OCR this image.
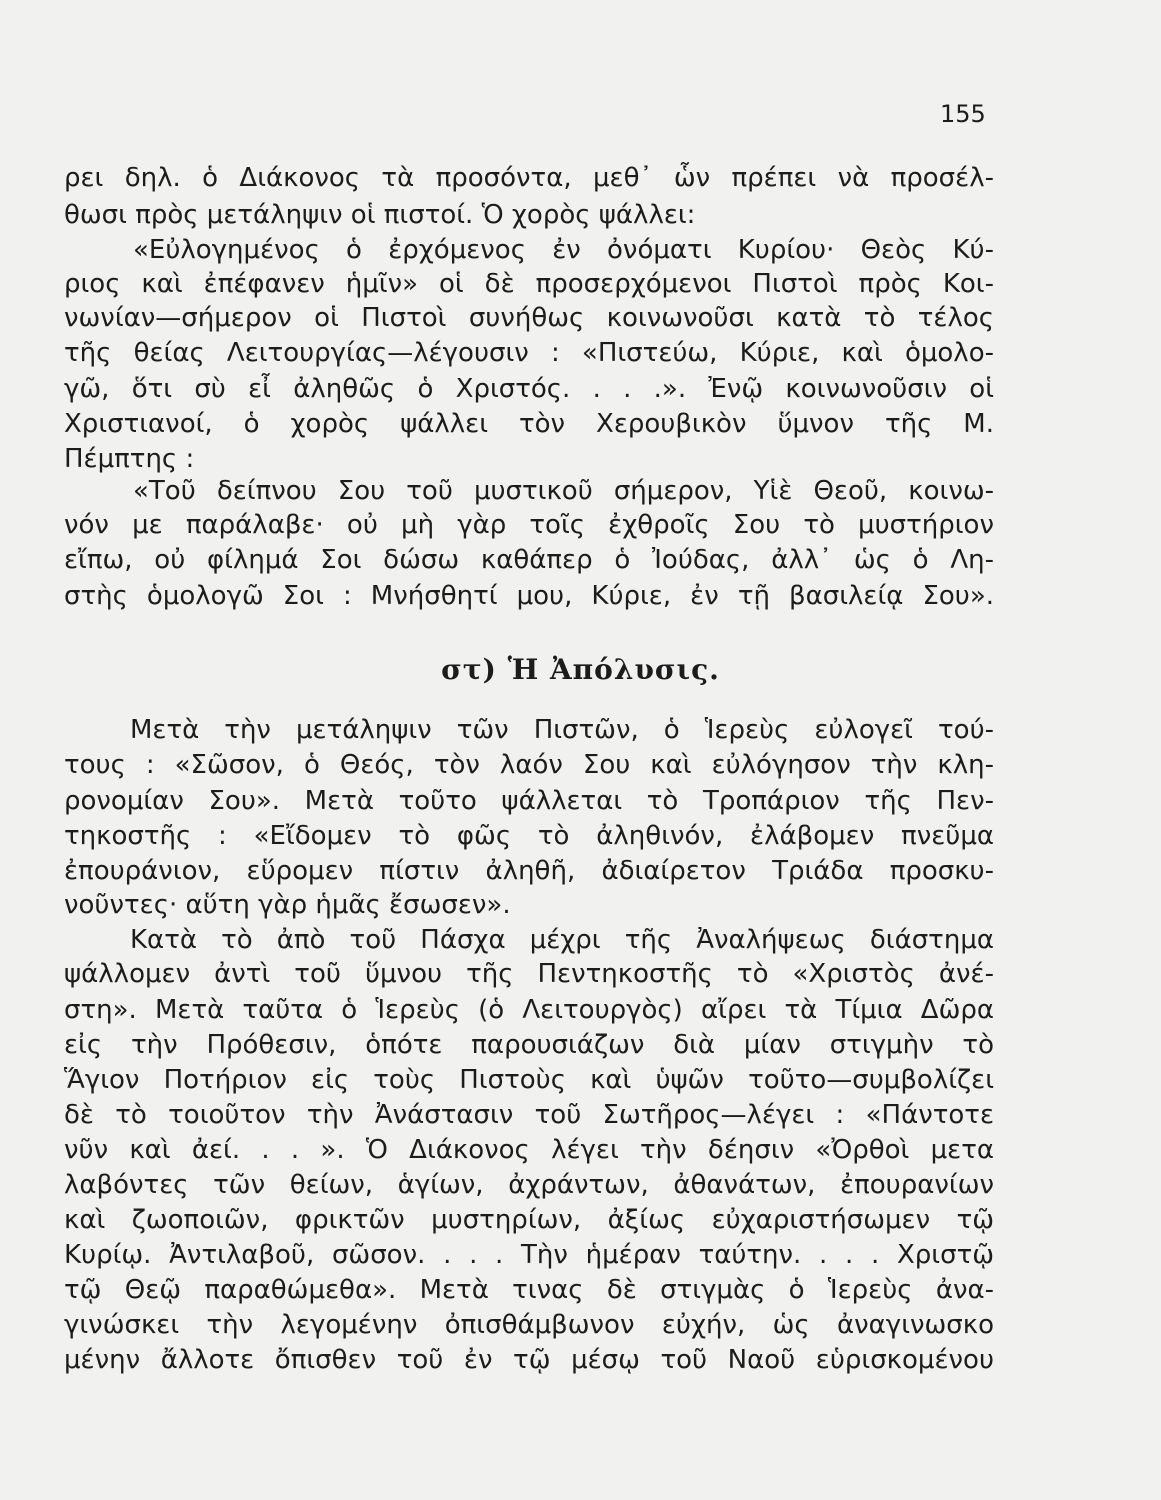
155
ρει δηλ. ὁ Διάκονος τὰ προσόντα, μεθ᾽ ὧν πρέπει νὰ προσέλ-
θωσι πρὸς μετάληψιν οἱ πιστοί. Ὁ χορὸς ψάλλει:
«Εὐλογημένος ὁ ἐρχόμενος ἐν ὀνόματι Κυρίου· Θεὸς Κύ-
ριος καὶ ἐπέφανεν ἡμῖν» οἱ δὲ προσερχόμενοι Πιστοὶ πρὸς Κοι-
νωνίαν—σήμερον οἱ Πιστοὶ συνήθως κοινωνοῦσι κατὰ τὸ τέλος
τῆς θείας Λειτουργίας—λέγουσιν : «Πιστεύω, Κύριε, καὶ ὁμολο-
γῶ, ὅτι σὺ εἶ ἀληθῶς ὁ Χριστός. . . .». Ἐνῷ κοινωνοῦσιν οἱ
Χριστιανοί, ὁ χορὸς ψάλλει τὸν Χερουβικὸν ὕμνον τῆς Μ.
Πέμπτης :
«Τοῦ δείπνου Σου τοῦ μυστικοῦ σήμερον, Υἱὲ Θεοῦ, κοινω-
νόν με παράλαβε· οὐ μὴ γὰρ τοῖς ἐχθροῖς Σου τὸ μυστήριον
εἴπω, οὐ φίλημά Σοι δώσω καθάπερ ὁ Ἰούδας, ἀλλ᾽ ὡς ὁ Λη-
στὴς ὁμολογῶ Σοι : Μνήσθητί μου, Κύριε, ἐν τῇ βασιλείᾳ Σου».
στ) Ἡ Ἀπόλυσις.
Μετὰ τὴν μετάληψιν τῶν Πιστῶν, ὁ Ἱερεὺς εὐλογεῖ τού-
τους : «Σῶσον, ὁ Θεός, τὸν λαόν Σου καὶ εὐλόγησον τὴν κλη-
ρονομίαν Σου». Μετὰ τοῦτο ψάλλεται τὸ Τροπάριον τῆς Πεν-
τηκοστῆς : «Εἴδομεν τὸ φῶς τὸ ἀληθινόν, ἐλάβομεν πνεῦμα
ἐπουράνιον, εὕρομεν πίστιν ἀληθῆ, ἀδιαίρετον Τριάδα προσκυ-
νοῦντες· αὕτη γὰρ ἡμᾶς ἔσωσεν».
Κατὰ τὸ ἀπὸ τοῦ Πάσχα μέχρι τῆς Ἀναλήψεως διάστημα
ψάλλομεν ἀντὶ τοῦ ὕμνου τῆς Πεντηκοστῆς τὸ «Χριστὸς ἀνέ-
στη». Μετὰ ταῦτα ὁ Ἱερεὺς (ὁ Λειτουργὸς) αἴρει τὰ Τίμια Δῶρα
εἰς τὴν Πρόθεσιν, ὁπότε παρουσιάζων διὰ μίαν στιγμὴν τὸ
Ἅγιον Ποτήριον εἰς τοὺς Πιστοὺς καὶ ὑψῶν τοῦτο—συμβολίζει
δὲ τὸ τοιοῦτον τὴν Ἀνάστασιν τοῦ Σωτῆρος—λέγει : «Πάντοτε
νῦν καὶ ἀεί. . . ». Ὁ Διάκονος λέγει τὴν δέησιν «Ὀρθοὶ μετα
λαβόντες τῶν θείων, ἁγίων, ἀχράντων, ἀθανάτων, ἐπουρανίων
καὶ ζωοποιῶν, φρικτῶν μυστηρίων, ἀξίως εὐχαριστήσωμεν τῷ
Κυρίῳ. Ἀντιλαβοῦ, σῶσον. . . . Τὴν ἡμέραν ταύτην. . . . Χριστῷ
τῷ Θεῷ παραθώμεθα». Μετὰ τινας δὲ στιγμὰς ὁ Ἱερεὺς ἀνα-
γινώσκει τὴν λεγομένην ὀπισθάμβωνον εὐχήν, ὡς ἀναγινωσκο
μένην ἄλλοτε ὄπισθεν τοῦ ἐν τῷ μέσῳ τοῦ Ναοῦ εὑρισκομένου
